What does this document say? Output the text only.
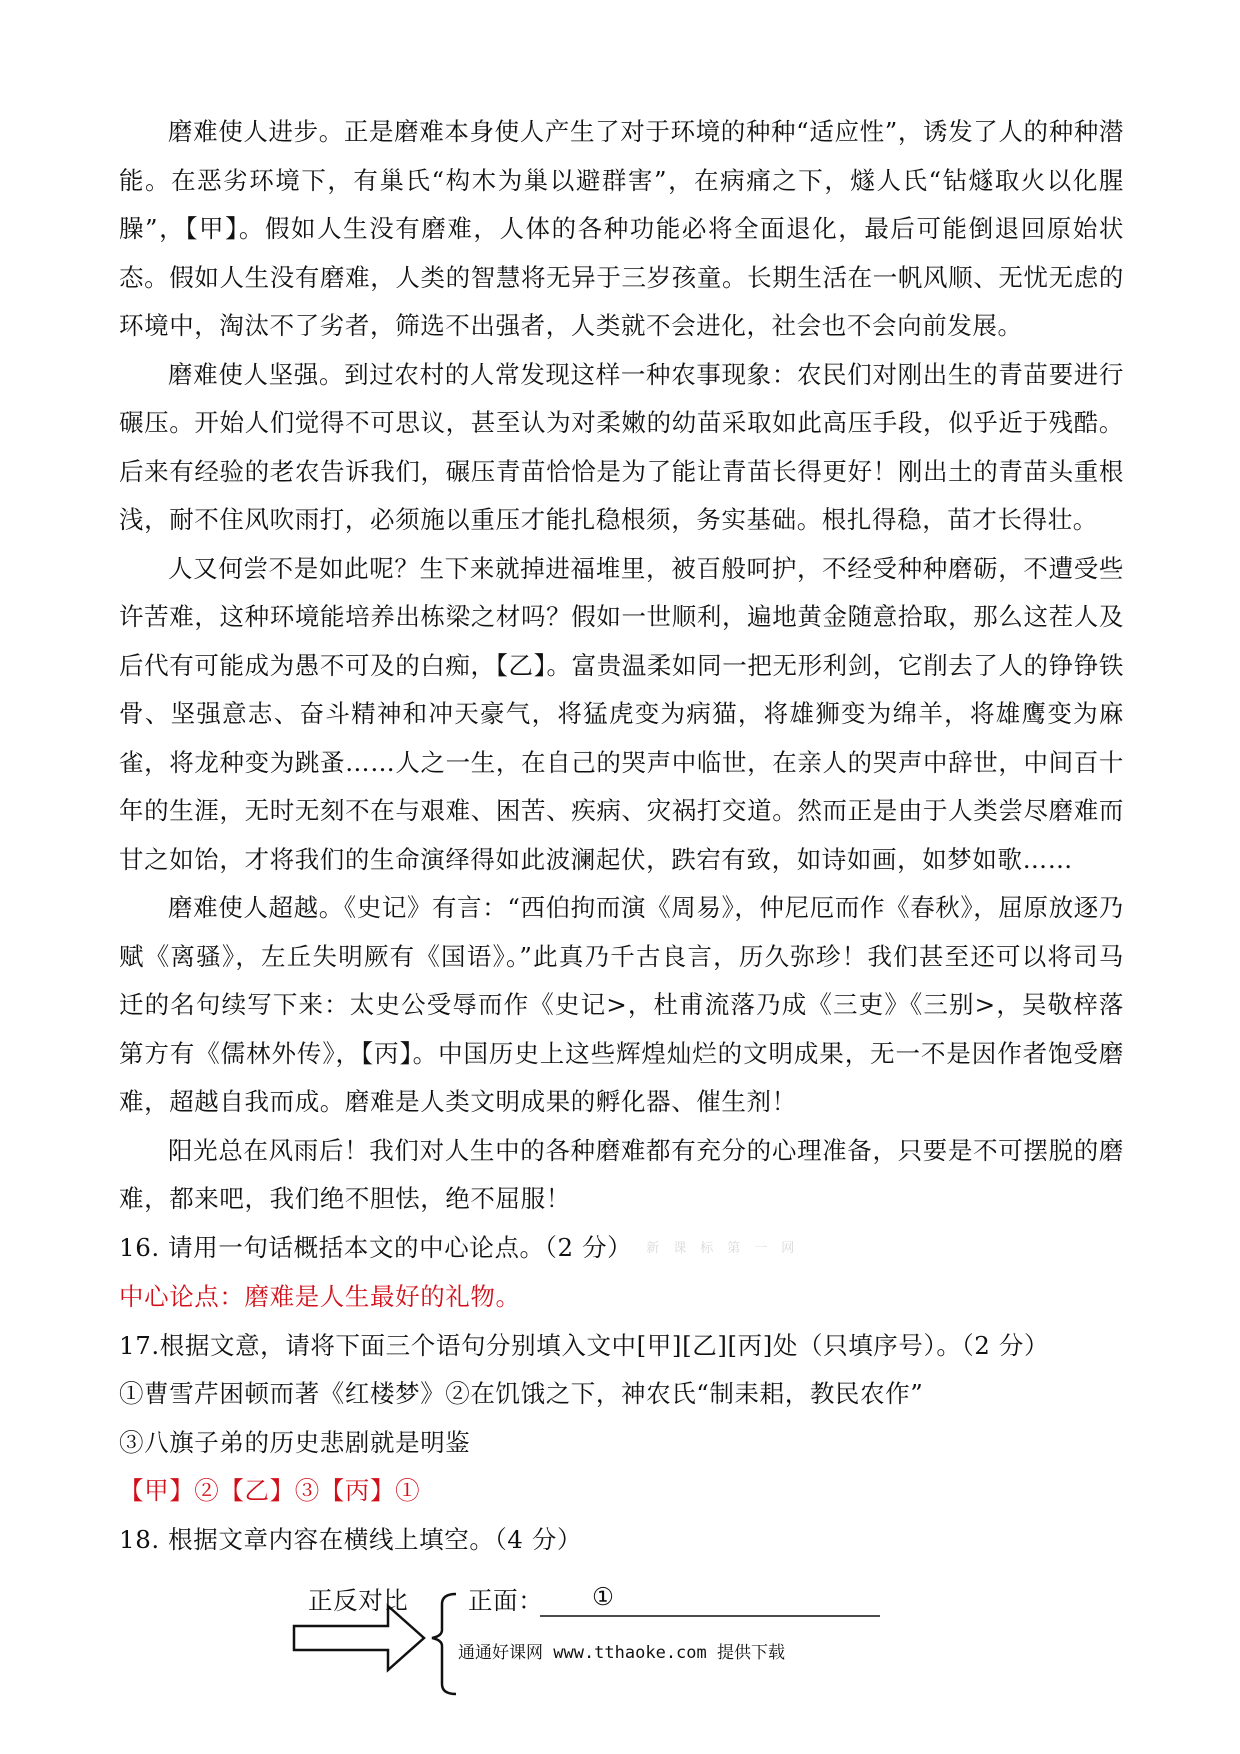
磨难使人进步。正是磨难本身使人产生了对于环境的种种“适应性”，诱发了人的种种潜能。在恶劣环境下，有巢氏“构木为巢以避群害”，在病痛之下，燧人氏“钻燧取火以化腥臊”，【甲】。假如人生没有磨难，人体的各种功能必将全面退化，最后可能倒退回原始状态。假如人生没有磨难，人类的智慧将无异于三岁孩童。长期生活在一帆风顺、无忧无虑的环境中，淘汰不了劣者，筛选不出强者，人类就不会进化，社会也不会向前发展。

磨难使人坚强。到过农村的人常发现这样一种农事现象：农民们对刚出生的青苗要进行碾压。开始人们觉得不可思议，甚至认为对柔嫩的幼苗采取如此高压手段，似乎近于残酷。后来有经验的老农告诉我们，碾压青苗恰恰是为了能让青苗长得更好！刚出土的青苗头重根浅，耐不住风吹雨打，必须施以重压才能扎稳根须，务实基础。根扎得稳，苗才长得壮。

人又何尝不是如此呢？生下来就掉进福堆里，被百般呵护，不经受种种磨砺，不遭受些许苦难，这种环境能培养出栋梁之材吗？假如一世顺利，遍地黄金随意拾取，那么这茬人及后代有可能成为愚不可及的白痴，【乙】。富贵温柔如同一把无形利剑，它削去了人的铮铮铁骨、坚强意志、奋斗精神和冲天豪气，将猛虎变为病猫，将雄狮变为绵羊，将雄鹰变为麻雀，将龙种变为跳蚤……人之一生，在自己的哭声中临世，在亲人的哭声中辞世，中间百十年的生涯，无时无刻不在与艰难、困苦、疾病、灾祸打交道。然而正是由于人类尝尽磨难而甘之如饴，才将我们的生命演绎得如此波澜起伏，跌宕有致，如诗如画，如梦如歌……

磨难使人超越。《史记》有言：“西伯拘而演《周易》，仲尼厄而作《春秋》，屈原放逐乃赋《离骚》，左丘失明厥有《国语》。”此真乃千古良言，历久弥珍！我们甚至还可以将司马迁的名句续写下来：太史公受辱而作《史记>，杜甫流落乃成《三吏》《三别>，吴敬梓落第方有《儒林外传》，【丙】。中国历史上这些辉煌灿烂的文明成果，无一不是因作者饱受磨难，超越自我而成。磨难是人类文明成果的孵化器、催生剂！

阳光总在风雨后！我们对人生中的各种磨难都有充分的心理准备，只要是不可摆脱的磨难，都来吧，我们绝不胆怯，绝不屈服！

16. 请用一句话概括本文的中心论点。（2 分） 新课标第一网

中心论点：磨难是人生最好的礼物。

17.根据文意，请将下面三个语句分别填入文中[甲][乙][丙]处（只填序号）。（2 分）

①曹雪芹困顿而著《红楼梦》②在饥饿之下，神农氏“制耒耜，教民农作”

③八旗子弟的历史悲剧就是明鉴

【甲】②【乙】③【丙】①

18. 根据文章内容在横线上填空。（4 分）

正反对比 正面： ①
通通好课网 www.tthaoke.com 提供下载
